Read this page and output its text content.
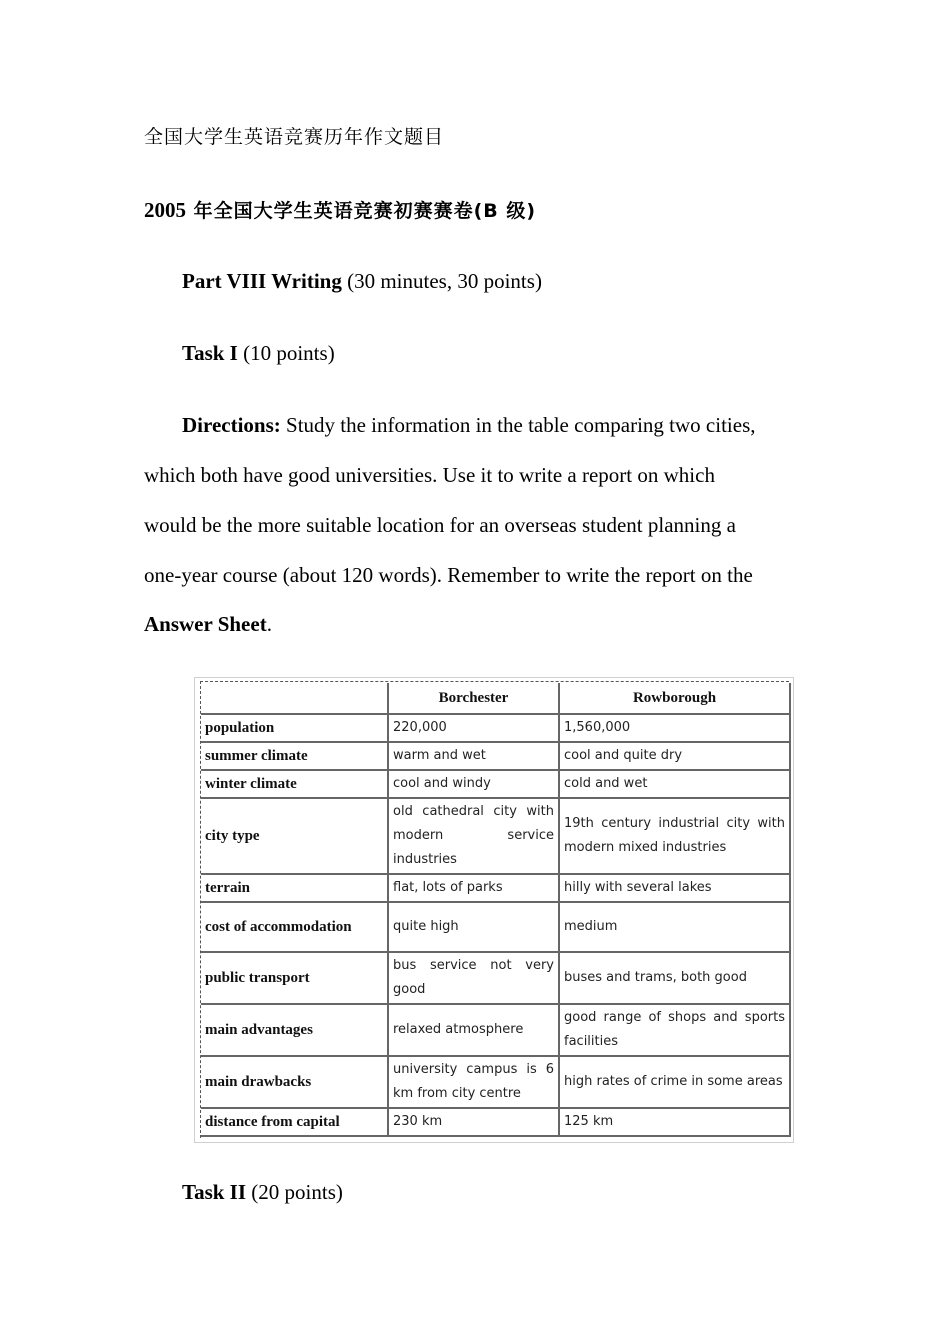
全国大学生英语竞赛历年作文题目
2005 年全国大学生英语竞赛初赛赛卷(B 级)
Part VIII Writing (30 minutes, 30 points)
Task I (10 points)
Directions: Study the information in the table comparing two cities,
which both have good universities. Use it to write a report on which
would be the more suitable location for an overseas student planning a
one-year course (about 120 words). Remember to write the report on the
Answer Sheet.
	Borchester	Rowborough
population	220,000	1,560,000
summer climate	warm and wet	cool and quite dry
winter climate	cool and windy	cold and wet
city type	old cathedral city with modern service industries	19th century industrial city with modern mixed industries
terrain	flat, lots of parks	hilly with several lakes
cost of accommodation	quite high	medium
public transport	bus service not very good	buses and trams, both good
main advantages	relaxed atmosphere	good range of shops and sports facilities
main drawbacks	university campus is 6 km from city centre	high rates of crime in some areas
distance from capital	230 km	125 km
Task II (20 points)
